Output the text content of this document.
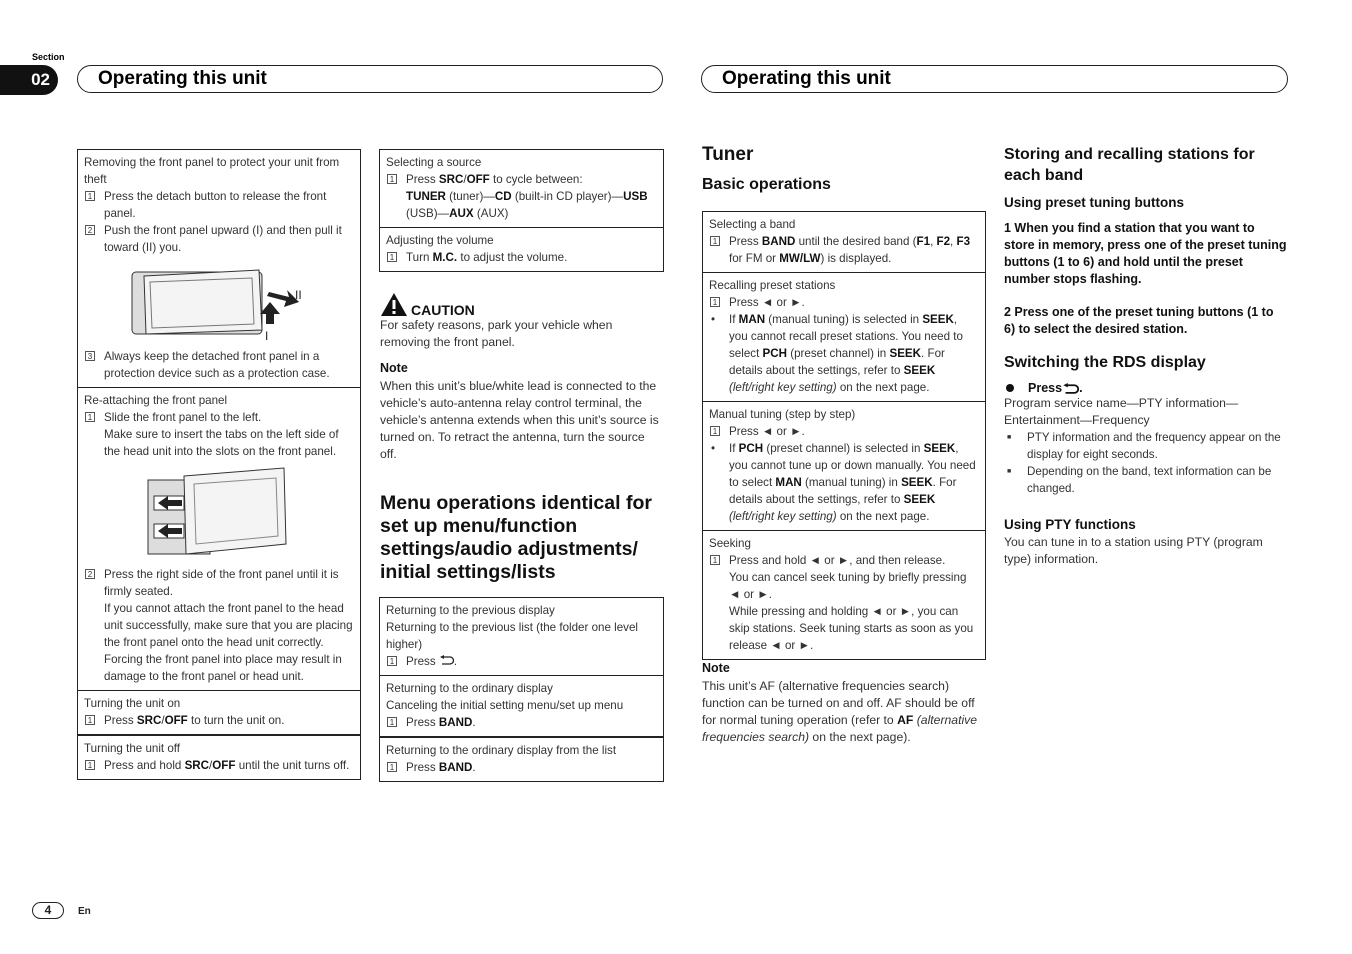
Section
02	Operating this unit	Operating this unit
Removing the front panel to protect your unit from theft
1 Press the detach button to release the front panel.
2 Push the front panel upward (I) and then pull it toward (II) you.
II
I
3 Always keep the detached front panel in a protection device such as a protection case.
Re-attaching the front panel
1 Slide the front panel to the left.
Make sure to insert the tabs on the left side of the head unit into the slots on the front panel.
2 Press the right side of the front panel until it is firmly seated.
If you cannot attach the front panel to the head unit successfully, make sure that you are placing the front panel onto the head unit correctly. Forcing the front panel into place may result in damage to the front panel or head unit.
Turning the unit on
1 Press SRC/OFF to turn the unit on.
Turning the unit off
1 Press and hold SRC/OFF until the unit turns off.
Selecting a source
1 Press SRC/OFF to cycle between:
TUNER (tuner)—CD (built-in CD player)—USB (USB)—AUX (AUX)
Adjusting the volume
1 Turn M.C. to adjust the volume.
CAUTION
For safety reasons, park your vehicle when removing the front panel.
Note
When this unit’s blue/white lead is connected to the vehicle’s auto-antenna relay control terminal, the vehicle’s antenna extends when this unit’s source is turned on. To retract the antenna, turn the source off.
Menu operations identical for set up menu/function settings/audio adjustments/ initial settings/lists
Returning to the previous display
Returning to the previous list (the folder one level higher)
1 Press .
Returning to the ordinary display
Canceling the initial setting menu/set up menu
1 Press BAND.
Returning to the ordinary display from the list
1 Press BAND.
Tuner
Basic operations
Selecting a band
1 Press BAND until the desired band (F1, F2, F3 for FM or MW/LW) is displayed.
Recalling preset stations
1 Press ◄ or ►.
•	If MAN (manual tuning) is selected in SEEK, you cannot recall preset stations. You need to select PCH (preset channel) in SEEK. For details about the settings, refer to SEEK (left/right key setting) on the next page.
Manual tuning (step by step)
1 Press ◄ or ►.
•	If PCH (preset channel) is selected in SEEK, you cannot tune up or down manually. You need to select MAN (manual tuning) in SEEK. For details about the settings, refer to SEEK (left/right key setting) on the next page.
Seeking
1 Press and hold ◄ or ►, and then release.
You can cancel seek tuning by briefly pressing ◄ or ►.
While pressing and holding ◄ or ►, you can skip stations. Seek tuning starts as soon as you release ◄ or ►.
Note
This unit’s AF (alternative frequencies search) function can be turned on and off. AF should be off for normal tuning operation (refer to AF (alternative frequencies search) on the next page).
Storing and recalling stations for each band
Using preset tuning buttons
1 When you find a station that you want to store in memory, press one of the preset tuning buttons (1 to 6) and hold until the preset number stops flashing.
2 Press one of the preset tuning buttons (1 to 6) to select the desired station.
Switching the RDS display
Press .
Program service name—PTY information—Entertainment—Frequency
■	PTY information and the frequency appear on the display for eight seconds.
■	Depending on the band, text information can be changed.
Using PTY functions
You can tune in to a station using PTY (program type) information.
4	En
